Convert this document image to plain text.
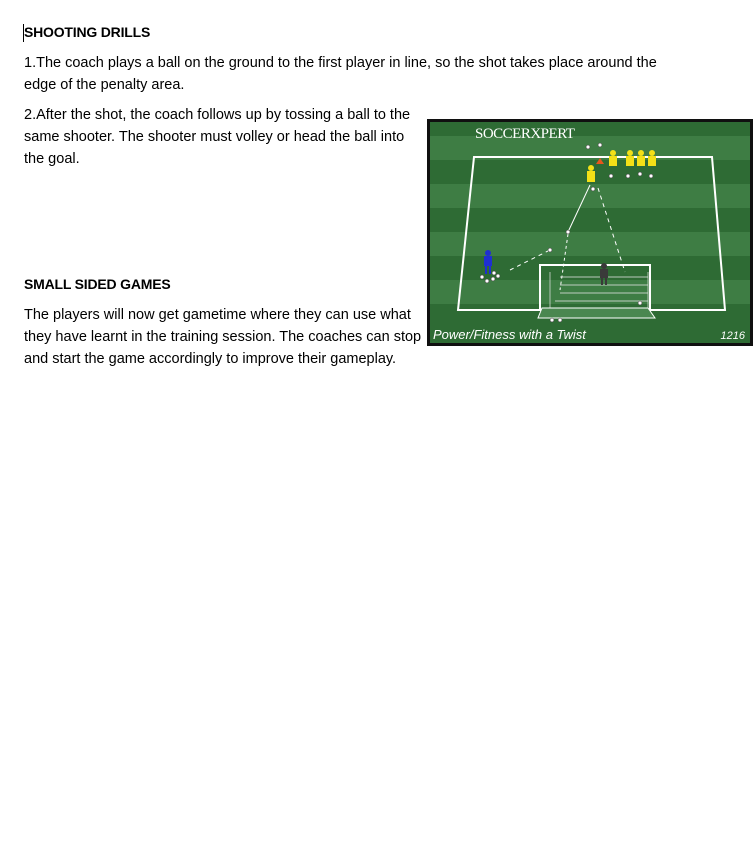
SHOOTING DRILLS
1.The coach plays a ball on the ground to the first player in line, so the shot takes place around the
edge of the penalty area.
2.After the shot, the coach follows up by tossing a ball to the
same shooter. The shooter must volley or head the ball into
the goal.
SMALL SIDED GAMES
The players will now get gametime where they can use what
they have learnt in the training session. The coaches can stop
and start the game accordingly to improve their gameplay.
SOCCERXPERT
Power/Fitness with a Twist	1216
